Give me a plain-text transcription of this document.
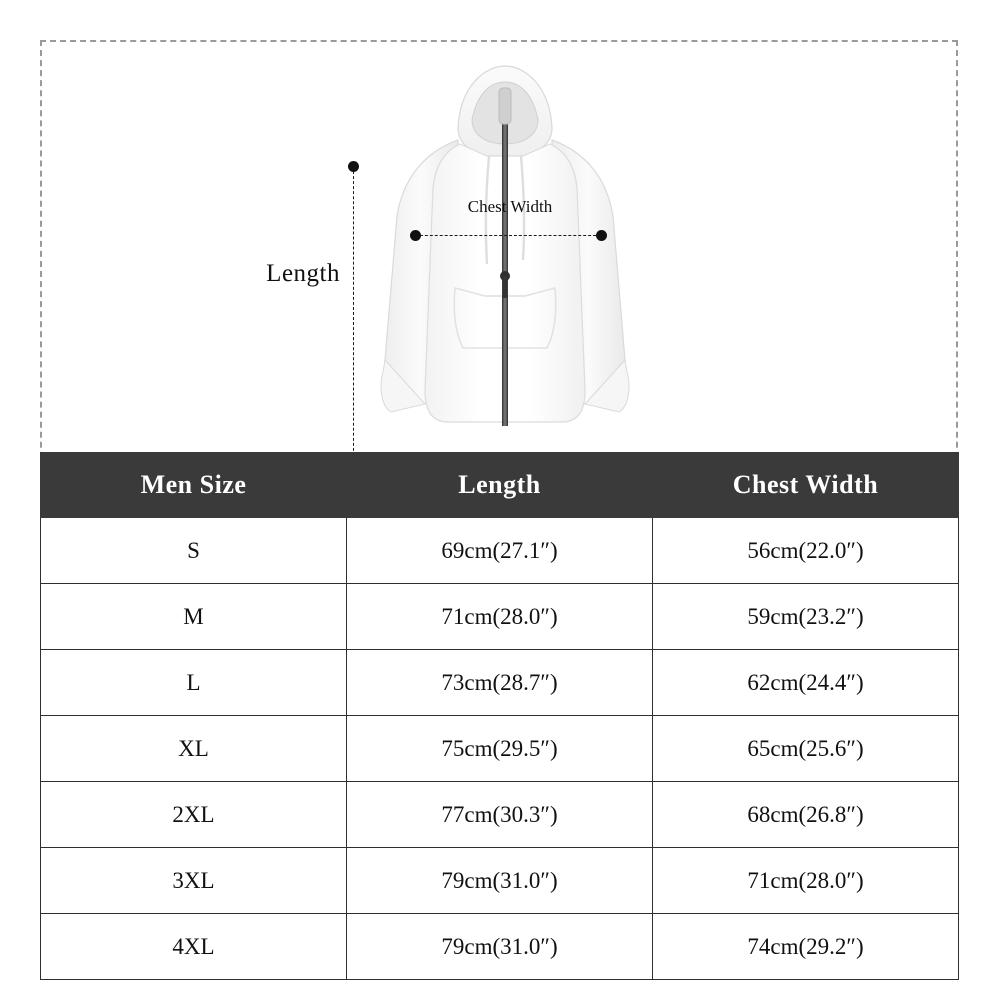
Length
Chest Width
Men Size	Length	Chest Width
S	69cm(27.1″)	56cm(22.0″)
M	71cm(28.0″)	59cm(23.2″)
L	73cm(28.7″)	62cm(24.4″)
XL	75cm(29.5″)	65cm(25.6″)
2XL	77cm(30.3″)	68cm(26.8″)
3XL	79cm(31.0″)	71cm(28.0″)
4XL	79cm(31.0″)	74cm(29.2″)
